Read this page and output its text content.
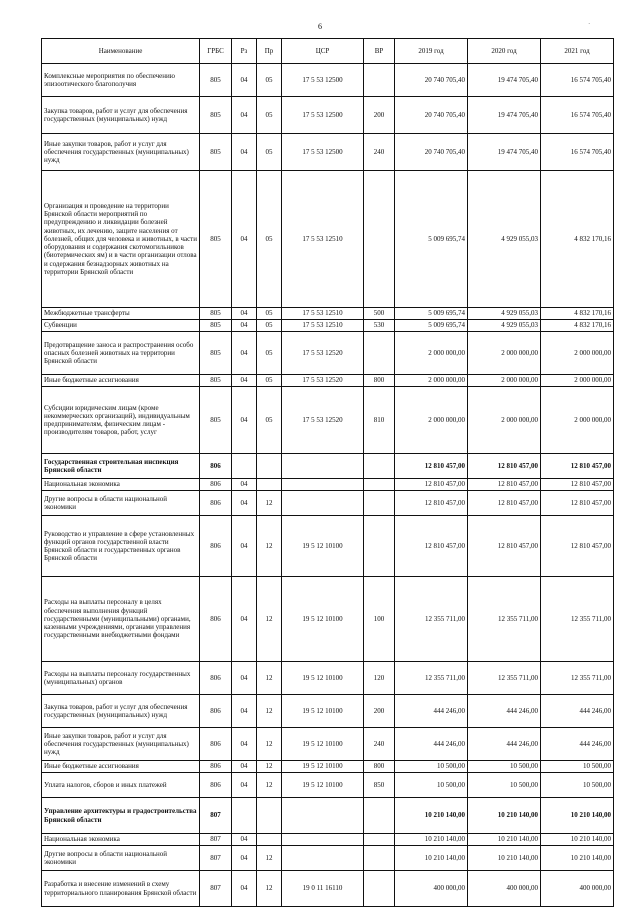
6	·
Наименование	ГРБС	Рз	Пр	ЦСР	ВР	2019 год	2020 год	2021 год
Комплексные мероприятия по обеспечению эпизоотического благополучия	805	04	05	17 5 53 12500		20 740 705,40	19 474 705,40	16 574 705,40
Закупка товаров, работ и услуг для обеспечения государственных (муниципальных) нужд	805	04	05	17 5 53 12500	200	20 740 705,40	19 474 705,40	16 574 705,40
Иные закупки товаров, работ и услуг для обеспечения государственных (муниципальных) нужд	805	04	05	17 5 53 12500	240	20 740 705,40	19 474 705,40	16 574 705,40
Организация и проведение на территории Брянской области мероприятий по предупреждению и ликвидации болезней животных, их лечению, защите населения от болезней, общих для человека и животных, в части оборудования и содержания скотомогильников (биотермических ям) и в части организации отлова и содержания безнадзорных животных на территории Брянской области	805	04	05	17 5 53 12510		5 009 695,74	4 929 055,03	4 832 170,16
Межбюджетные трансферты	805	04	05	17 5 53 12510	500	5 009 695,74	4 929 055,03	4 832 170,16
Субвенции	805	04	05	17 5 53 12510	530	5 009 695,74	4 929 055,03	4 832 170,16
Предотвращение заноса и распространения особо опасных болезней животных на территории Брянской области	805	04	05	17 5 53 12520		2 000 000,00	2 000 000,00	2 000 000,00
Иные бюджетные ассигнования	805	04	05	17 5 53 12520	800	2 000 000,00	2 000 000,00	2 000 000,00
Субсидии юридическим лицам (кроме некоммерческих организаций), индивидуальным предпринимателям, физическим лицам - производителям товаров, работ, услуг	805	04	05	17 5 53 12520	810	2 000 000,00	2 000 000,00	2 000 000,00
Государственная строительная инспекция Брянской области	806					12 810 457,00	12 810 457,00	12 810 457,00
Национальная экономика	806	04				12 810 457,00	12 810 457,00	12 810 457,00
Другие вопросы в области национальной экономики	806	04	12			12 810 457,00	12 810 457,00	12 810 457,00
Руководство и управление в сфере установленных функций органов государственной власти Брянской области и государственных органов Брянской области	806	04	12	19 5 12 10100		12 810 457,00	12 810 457,00	12 810 457,00
Расходы на выплаты персоналу в целях обеспечения выполнения функций государственными (муниципальными) органами, казенными учреждениями, органами управления государственными внебюджетными фондами	806	04	12	19 5 12 10100	100	12 355 711,00	12 355 711,00	12 355 711,00
Расходы на выплаты персоналу государственных (муниципальных) органов	806	04	12	19 5 12 10100	120	12 355 711,00	12 355 711,00	12 355 711,00
Закупка товаров, работ и услуг для обеспечения государственных (муниципальных) нужд	806	04	12	19 5 12 10100	200	444 246,00	444 246,00	444 246,00
Иные закупки товаров, работ и услуг для обеспечения государственных (муниципальных) нужд	806	04	12	19 5 12 10100	240	444 246,00	444 246,00	444 246,00
Иные бюджетные ассигнования	806	04	12	19 5 12 10100	800	10 500,00	10 500,00	10 500,00
Уплата налогов, сборов и иных платежей	806	04	12	19 5 12 10100	850	10 500,00	10 500,00	10 500,00
Управление архитектуры и градостроительства Брянской области	807					10 210 140,00	10 210 140,00	10 210 140,00
Национальная экономика	807	04				10 210 140,00	10 210 140,00	10 210 140,00
Другие вопросы в области национальной экономики	807	04	12			10 210 140,00	10 210 140,00	10 210 140,00
Разработка и внесение изменений в схему территориального планирования Брянской области	807	04	12	19 0 11 16110		400 000,00	400 000,00	400 000,00
